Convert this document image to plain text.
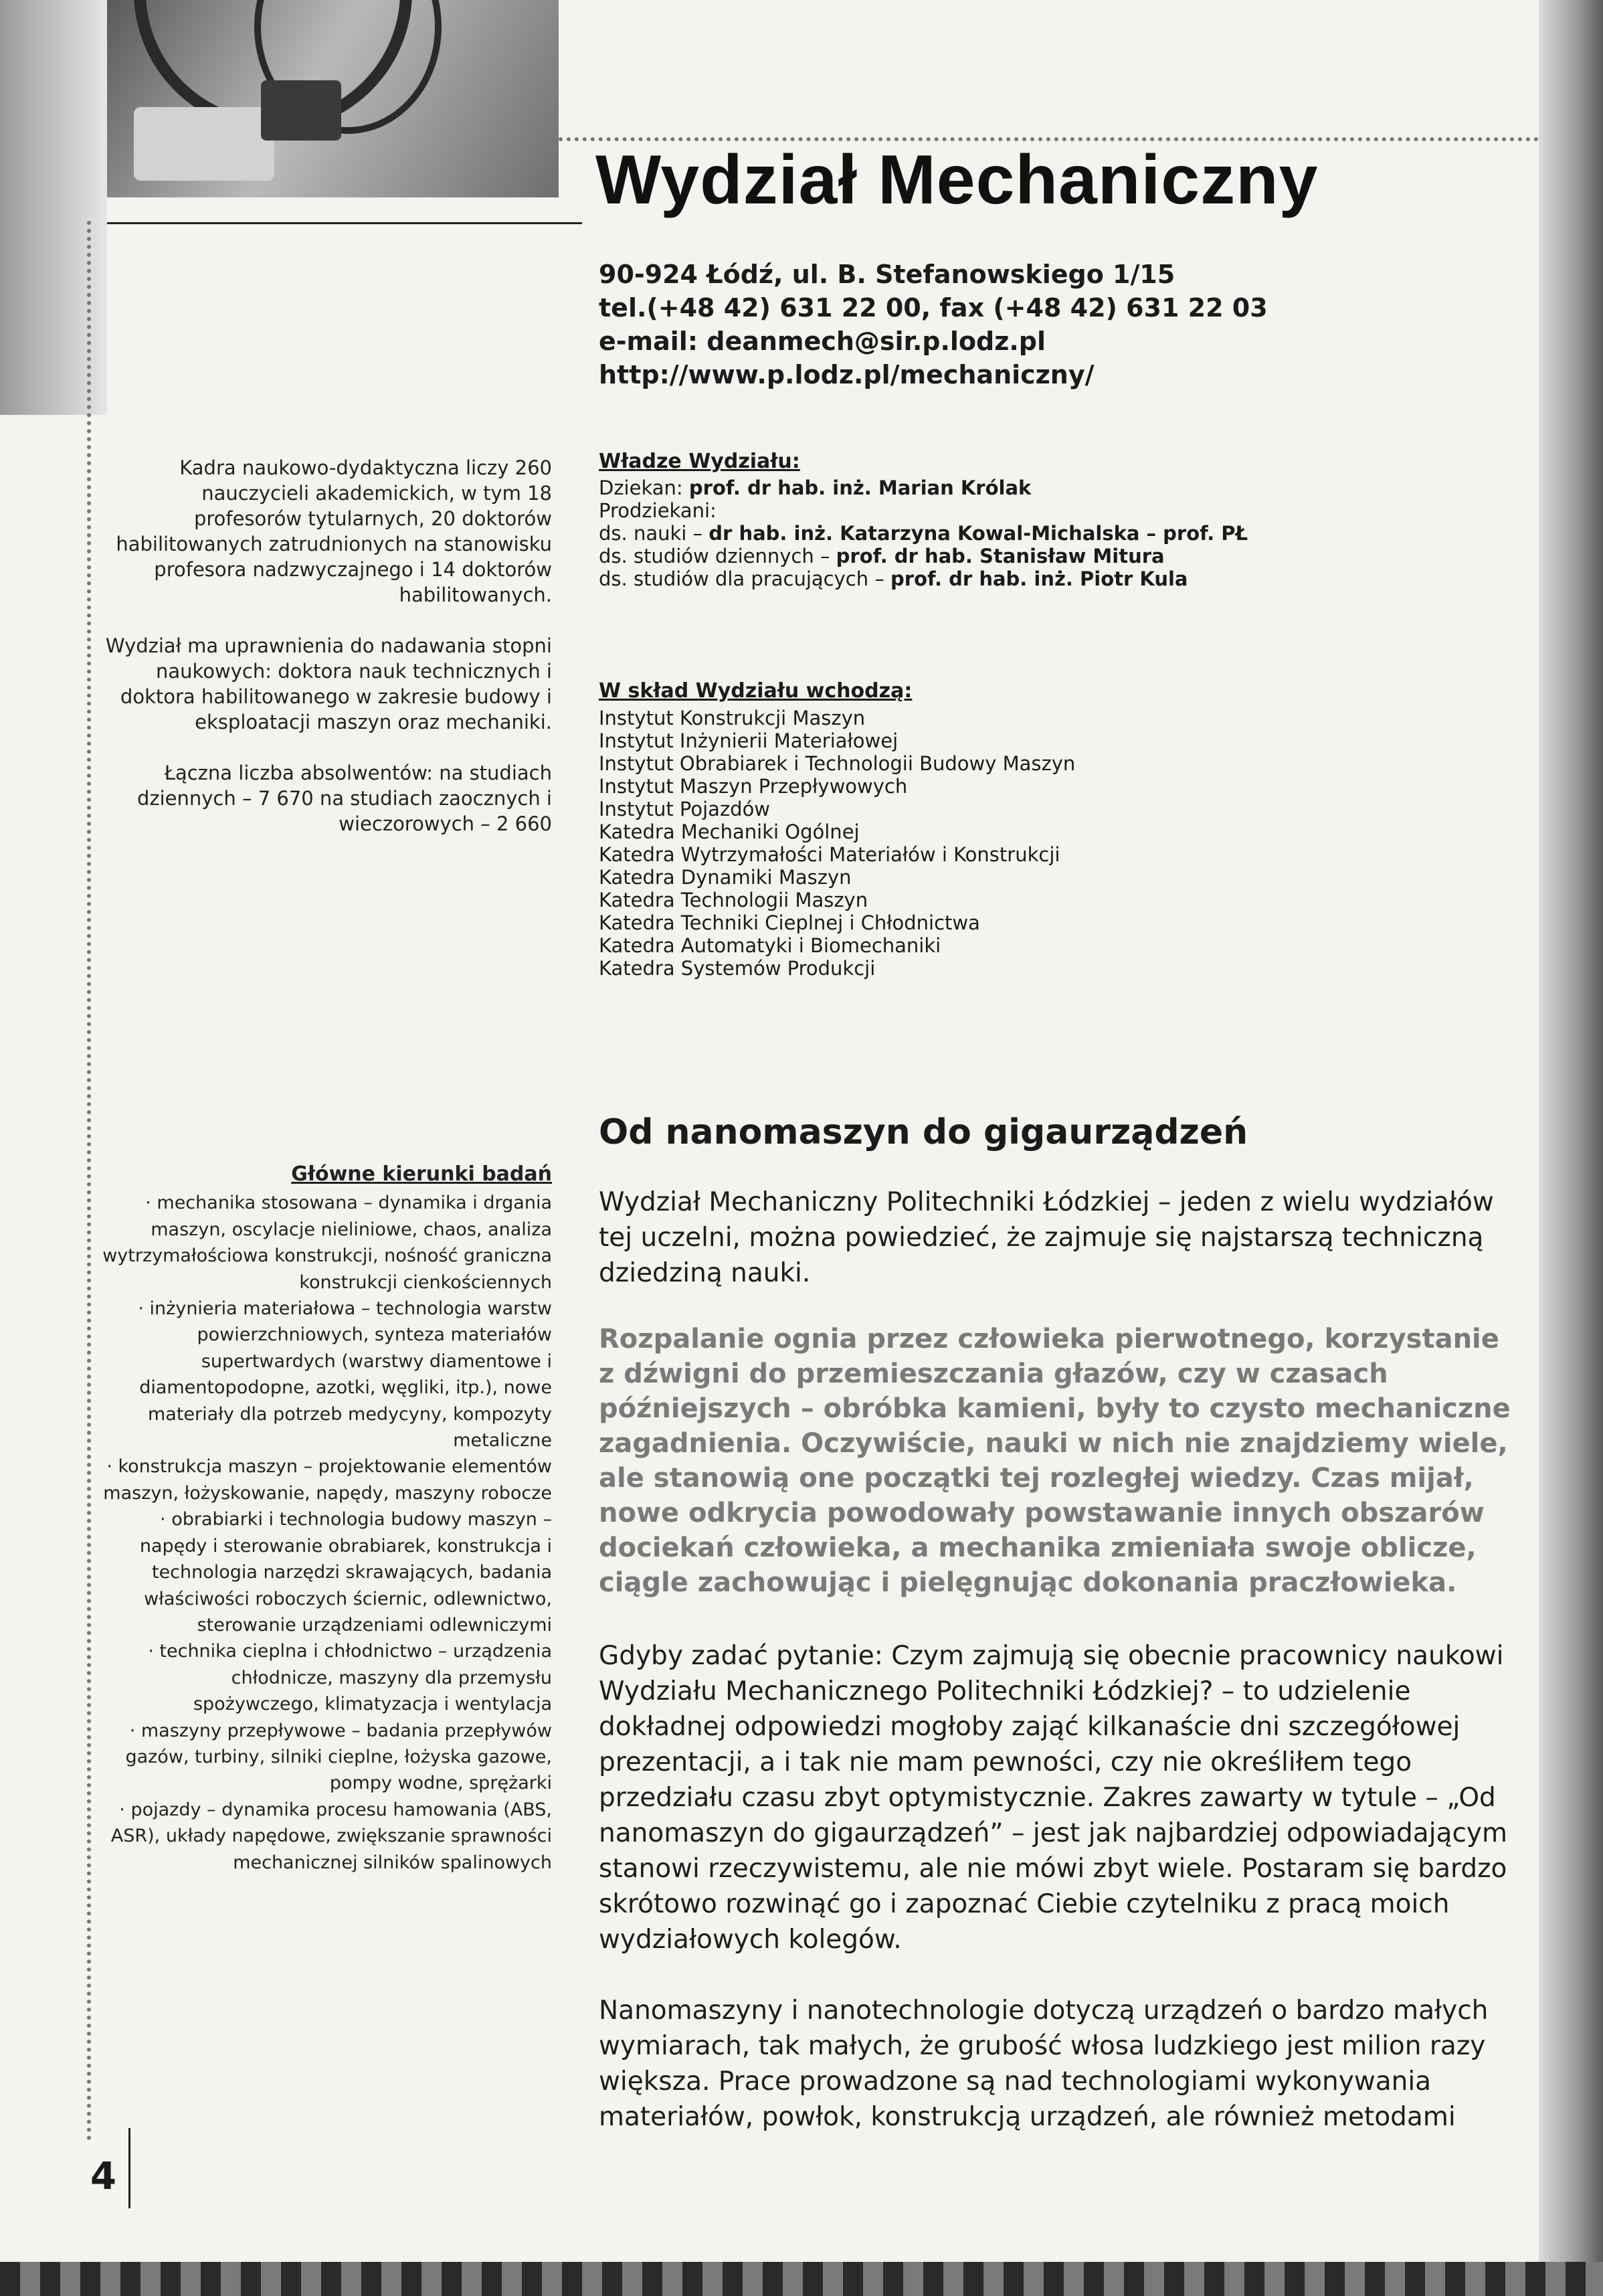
Wydział Mechaniczny
90-924 Łódź, ul. B. Stefanowskiego 1/15
tel.(+48 42) 631 22 00, fax (+48 42) 631 22 03
e-mail: deanmech@sir.p.lodz.pl
http://www.p.lodz.pl/mechaniczny/
Władze Wydziału:
Dziekan: prof. dr hab. inż. Marian Królak
Prodziekani:
ds. nauki – dr hab. inż. Katarzyna Kowal-Michalska – prof. PŁ
ds. studiów dziennych – prof. dr hab. Stanisław Mitura
ds. studiów dla pracujących – prof. dr hab. inż. Piotr Kula
W skład Wydziału wchodzą:
Instytut Konstrukcji Maszyn
Instytut Inżynierii Materiałowej
Instytut Obrabiarek i Technologii Budowy Maszyn
Instytut Maszyn Przepływowych
Instytut Pojazdów
Katedra Mechaniki Ogólnej
Katedra Wytrzymałości Materiałów i Konstrukcji
Katedra Dynamiki Maszyn
Katedra Technologii Maszyn
Katedra Techniki Cieplnej i Chłodnictwa
Katedra Automatyki i Biomechaniki
Katedra Systemów Produkcji

Kadra naukowo-dydaktyczna liczy 260 nauczycieli akademickich, w tym 18 profesorów tytularnych, 20 doktorów habilitowanych zatrudnionych na stanowisku profesora nadzwyczajnego i 14 doktorów habilitowanych.

Wydział ma uprawnienia do nadawania stopni naukowych: doktora nauk technicznych i doktora habilitowanego w zakresie budowy i eksploatacji maszyn oraz mechaniki.

Łączna liczba absolwentów: na studiach dziennych – 7 670 na studiach zaocznych i wieczorowych – 2 660

Główne kierunki badań
· mechanika stosowana – dynamika i drgania maszyn, oscylacje nieliniowe, chaos, analiza wytrzymałościowa konstrukcji, nośność graniczna konstrukcji cienkościennych
· inżynieria materiałowa – technologia warstw powierzchniowych, synteza materiałów supertwardych (warstwy diamentowe i diamentopodopne, azotki, węgliki, itp.), nowe materiały dla potrzeb medycyny, kompozyty metaliczne
· konstrukcja maszyn – projektowanie elementów maszyn, łożyskowanie, napędy, maszyny robocze
· obrabiarki i technologia budowy maszyn – napędy i sterowanie obrabiarek, konstrukcja i technologia narzędzi skrawających, badania właściwości roboczych ściernic, odlewnictwo, sterowanie urządzeniami odlewniczymi
· technika cieplna i chłodnictwo – urządzenia chłodnicze, maszyny dla przemysłu spożywczego, klimatyzacja i wentylacja
· maszyny przepływowe – badania przepływów gazów, turbiny, silniki cieplne, łożyska gazowe, pompy wodne, sprężarki
· pojazdy – dynamika procesu hamowania (ABS, ASR), układy napędowe, zwiększanie sprawności mechanicznej silników spalinowych
Od nanomaszyn do gigaurządzeń
Wydział Mechaniczny Politechniki Łódzkiej – jeden z wielu wydziałów tej uczelni, można powiedzieć, że zajmuje się najstarszą techniczną dziedziną nauki.
Rozpalanie ognia przez człowieka pierwotnego, korzystanie z dźwigni do przemieszczania głazów, czy w czasach późniejszych – obróbka kamieni, były to czysto mechaniczne zagadnienia. Oczywiście, nauki w nich nie znajdziemy wiele, ale stanowią one początki tej rozległej wiedzy. Czas mijał, nowe odkrycia powodowały powstawanie innych obszarów dociekań człowieka, a mechanika zmieniała swoje oblicze, ciągle zachowując i pielęgnując dokonania praczłowieka.
Gdyby zadać pytanie: Czym zajmują się obecnie pracownicy naukowi Wydziału Mechanicznego Politechniki Łódzkiej? – to udzielenie dokładnej odpowiedzi mogłoby zająć kilkanaście dni szczegółowej prezentacji, a i tak nie mam pewności, czy nie określiłem tego przedziału czasu zbyt optymistycznie. Zakres zawarty w tytule – „Od nanomaszyn do gigaurządzeń” – jest jak najbardziej odpowiadającym stanowi rzeczywistemu, ale nie mówi zbyt wiele. Postaram się bardzo skrótowo rozwinąć go i zapoznać Ciebie czytelniku z pracą moich wydziałowych kolegów.
Nanomaszyny i nanotechnologie dotyczą urządzeń o bardzo małych wymiarach, tak małych, że grubość włosa ludzkiego jest milion razy większa. Prace prowadzone są nad technologiami wykonywania materiałów, powłok, konstrukcją urządzeń, ale również metodami
4
